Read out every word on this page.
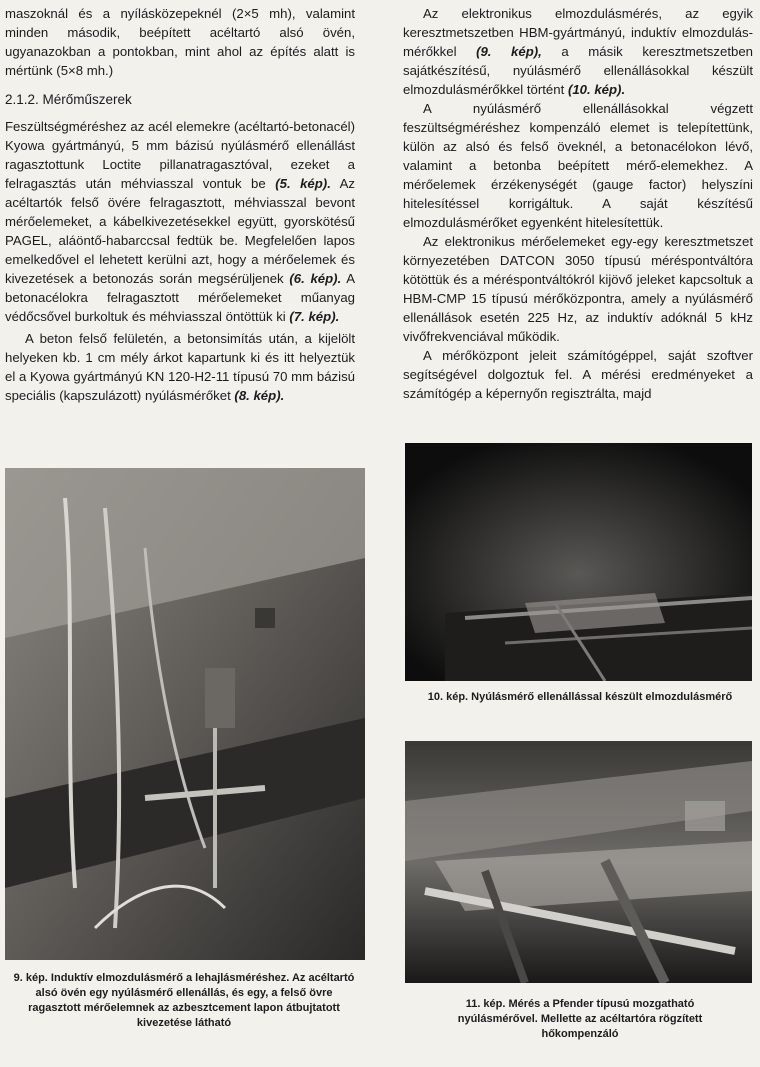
maszoknál és a nyílásközepeknél (2×5 mh), valamint minden második, beépített acéltartó alsó övén, ugyanazokban a pontokban, mint ahol az építés alatt is mértünk (5×8 mh.)

2.1.2. Mérőműszerek

Feszültségméréshez az acél elemekre (acéltartó-betonacél) Kyowa gyártmányú, 5 mm bázisú nyúlásmérő ellenállást ragasztottunk Loctite pillanatragasztóval, ezeket a felragasztás után méhviasszal vontuk be (5. kép). Az acéltartók felső övére felragasztott, méhviasszal bevont mérőelemeket, a kábelkivezetésekkel együtt, gyorskötésű PAGEL, aláöntő-habarccsal fedtük be. Megfelelően lapos emelkedővel el lehetett kerülni azt, hogy a mérőelemek és kivezetések a betonozás során megsérüljenek (6. kép). A betonacélokra felragasztott mérőelemeket műanyag védőcsővel burkoltuk és méhviasszal öntöttük ki (7. kép).

A beton felső felületén, a betonsimítás után, a kijelölt helyeken kb. 1 cm mély árkot kapartunk ki és itt helyeztük el a Kyowa gyártmányú KN 120-H2-11 típusú 70 mm bázisú speciális (kapszulázott) nyúlásmérőket (8. kép).

Az elektronikus elmozdulásmérés, az egyik keresztmetszetben HBM-gyártmányú, induktív elmozdulás-mérőkkel (9. kép), a másik keresztmetszetben sajátkészítésű, nyúlásmérő ellenállásokkal készült elmozdulásmérőkkel történt (10. kép).

A nyúlásmérő ellenállásokkal végzett feszültségméréshez kompenzáló elemet is telepítettünk, külön az alsó és felső öveknél, a betonacélokon lévő, valamint a betonba beépített mérő-elemekhez. A mérőelemek érzékenységét (gauge factor) helyszíni hitelesítéssel korrigáltuk. A saját készítésű elmozdulásmérőket egyenként hitelesítettük.

Az elektronikus mérőelemeket egy-egy keresztmetszet környezetében DATCON 3050 típusú méréspontváltóra kötöttük és a méréspontváltókról kijövő jeleket kapcsoltuk a HBM-CMP 15 típusú mérőközpontra, amely a nyúlásmérő ellenállások esetén 225 Hz, az induktív adóknál 5 kHz vivőfrekvenciával működik.

A mérőközpont jeleit számítógéppel, saját szoftver segítségével dolgoztuk fel. A mérési eredményeket a számítógép a képernyőn regisztrálta, majd

9. kép. Induktív elmozdulásmérő a lehajlásméréshez. Az acéltartó alsó övén egy nyúlásmérő ellenállás, és egy, a felső övre ragasztott mérőelemnek az azbesztcement lapon átbujtatott kivezetése látható
10. kép. Nyúlásmérő ellenállással készült elmozdulásmérő
11. kép. Mérés a Pfender típusú mozgatható nyúlásmérővel. Mellette az acéltartóra rögzített hőkompenzáló
